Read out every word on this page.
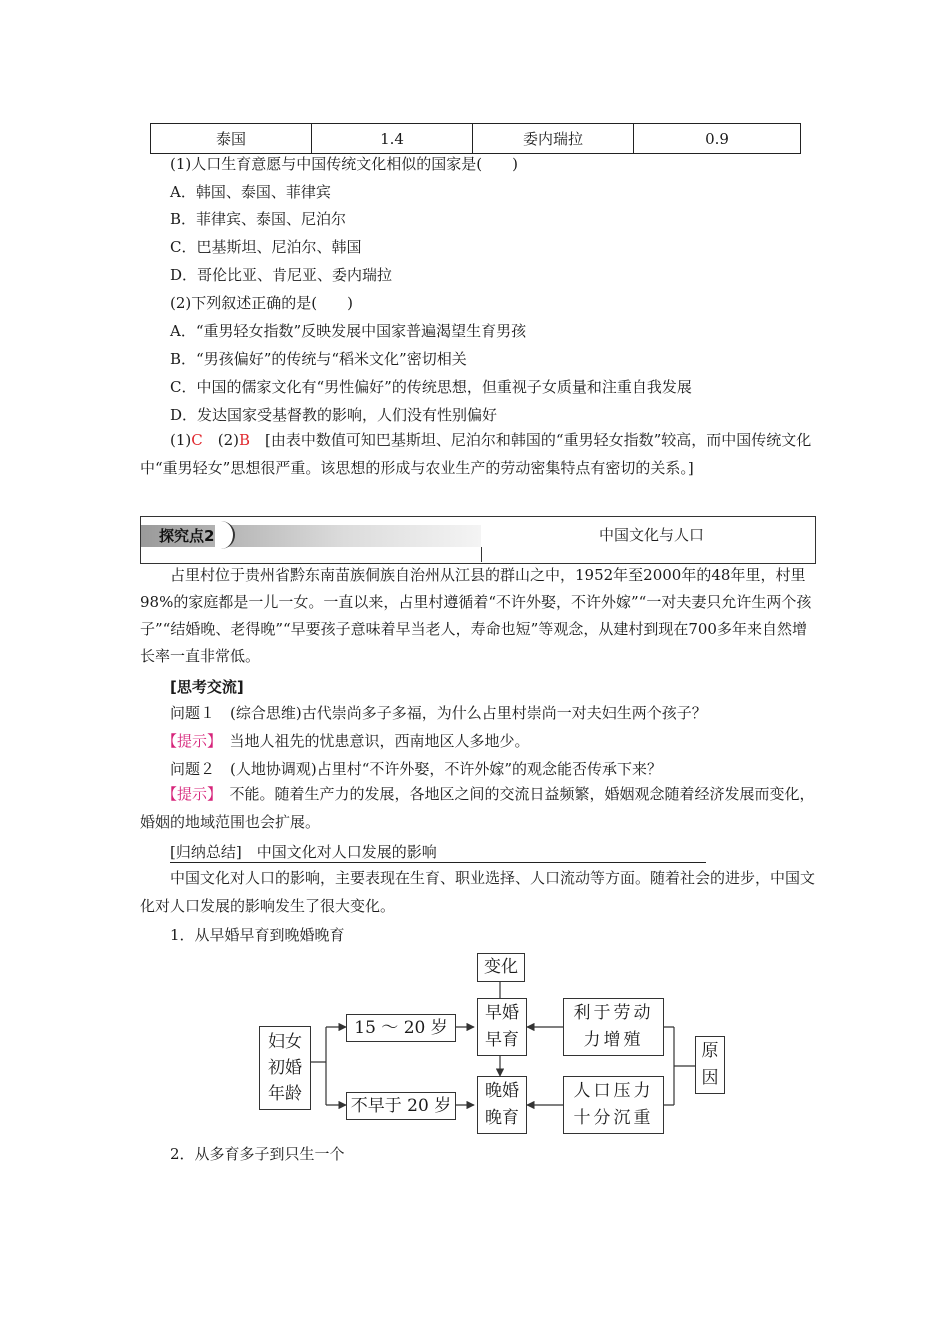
泰国	1.4	委内瑞拉	0.9
(1)人口生育意愿与中国传统文化相似的国家是(　　)
A．韩国、泰国、菲律宾
B．菲律宾、泰国、尼泊尔
C．巴基斯坦、尼泊尔、韩国
D．哥伦比亚、肯尼亚、委内瑞拉
(2)下列叙述正确的是(　　)
A．“重男轻女指数”反映发展中国家普遍渴望生育男孩
B．“男孩偏好”的传统与“稻米文化”密切相关
C．中国的儒家文化有“男性偏好”的传统思想，但重视子女质量和注重自我发展
D．发达国家受基督教的影响，人们没有性别偏好
(1)C　 (2)B　 [由表中数值可知巴基斯坦、尼泊尔和韩国的“重男轻女指数”较高，而中国传统文化中“重男轻女”思想很严重。该思想的形成与农业生产的劳动密集特点有密切的关系。]
探究点2	中国文化与人口
占里村位于贵州省黔东南苗族侗族自治州从江县的群山之中，1952年至2000年的48年里，村里98%的家庭都是一儿一女。一直以来，占里村遵循着“不许外娶，不许外嫁”“一对夫妻只允许生两个孩子”“结婚晚、老得晚”“早要孩子意味着早当老人，寿命也短”等观念，从建村到现在700多年来自然增长率一直非常低。
[思考交流]
问题１　(综合思维)古代崇尚多子多福，为什么占里村崇尚一对夫妇生两个孩子？
【提示】　 当地人祖先的忧患意识，西南地区人多地少。
问题２　(人地协调观)占里村“不许外娶，不许外嫁”的观念能否传承下来？
【提示】　 不能。随着生产力的发展，各地区之间的交流日益频繁，婚姻观念随着经济发展而变化，婚姻的地域范围也会扩展。
[归纳总结]　 中国文化对人口发展的影响
中国文化对人口的影响，主要表现在生育、职业选择、人口流动等方面。随着社会的进步，中国文化对人口发展的影响发生了很大变化。
1．从早婚早育到晚婚晚育
妇女初婚年龄
15 ～ 20 岁
不早于 20 岁
变化
早婚早育
晚婚晚育
利于劳动力增殖
人口压力十分沉重
原因
2．从多育多子到只生一个
